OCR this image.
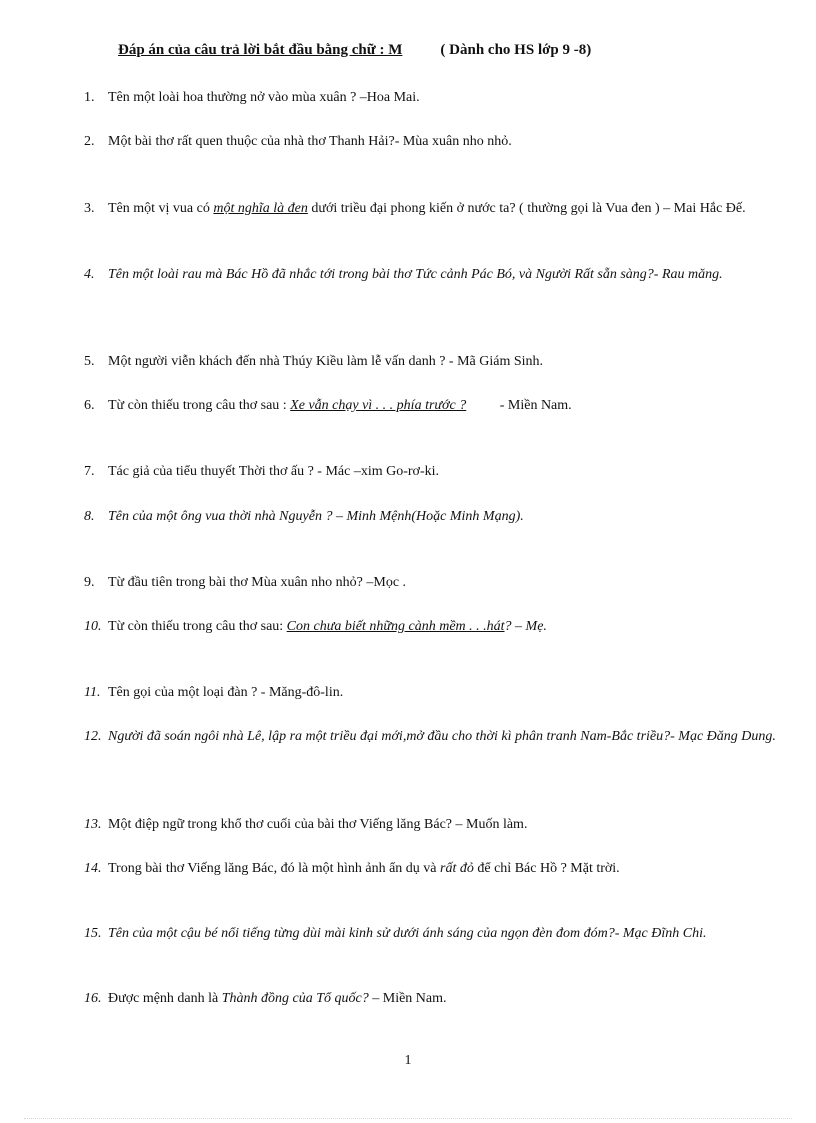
Đáp án của câu trả lời bắt đầu bằng chữ : M	( Dành cho HS lớp 9 -8)
1. Tên một loài hoa thường nở vào mùa xuân ? –Hoa Mai.
2. Một bài thơ rất quen thuộc của nhà thơ Thanh Hải?- Mùa xuân nho nhỏ.
3. Tên một vị vua có một nghĩa là đen dưới triều đại phong kiến ở nước ta? ( thường gọi là Vua đen ) – Mai Hắc Đế.
4. Tên một loài rau mà Bác Hồ đã nhắc tới trong bài thơ Tức cảnh Pác Bó, và Người Rất sẵn sàng?- Rau măng.
5. Một người viễn khách đến nhà Thúy Kiều làm lễ vấn danh ? - Mã Giám Sinh.
6. Từ còn thiếu trong câu thơ sau : Xe vẫn chạy vì . . . phía trước ? - Miền Nam.
7. Tác giả của tiểu thuyết Thời thơ ấu ? - Mác –xim Go-rơ-ki.
8. Tên của một ông vua thời nhà Nguyễn ? – Minh Mệnh(Hoặc Minh Mạng).
9. Từ đầu tiên trong bài thơ Mùa xuân nho nhỏ? –Mọc .
10. Từ còn thiếu trong câu thơ sau: Con chưa biết những cành mềm . . .hát? – Mẹ.
11. Tên gọi của một loại đàn ? - Măng-đô-lin.
12. Người đã soán ngôi nhà Lê, lập ra một triều đại mới,mở đầu cho thời kì phân tranh Nam-Bắc triều?- Mạc Đăng Dung.
13. Một điệp ngữ trong khổ thơ cuối của bài thơ Viếng lăng Bác? – Muốn làm.
14. Trong bài thơ Viếng lăng Bác, đó là một hình ảnh ẩn dụ và rất đỏ để chỉ Bác Hồ ? Mặt trời.
15. Tên của một cậu bé nổi tiếng từng dùi mài kinh sử dưới ánh sáng của ngọn đèn đom đóm?- Mạc Đĩnh Chi.
16. Được mệnh danh là Thành đồng của Tổ quốc? – Miền Nam.
1
